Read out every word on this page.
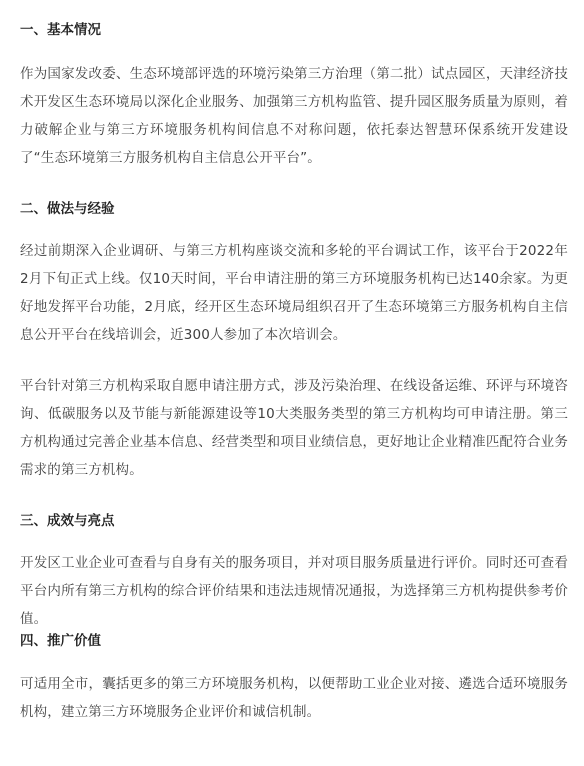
一、基本情况

作为国家发改委、生态环境部评选的环境污染第三方治理（第二批）试点园区，天津经济技术开发区生态环境局以深化企业服务、加强第三方机构监管、提升园区服务质量为原则，着力破解企业与第三方环境服务机构间信息不对称问题，依托泰达智慧环保系统开发建设了“生态环境第三方服务机构自主信息公开平台”。

二、做法与经验

经过前期深入企业调研、与第三方机构座谈交流和多轮的平台调试工作，该平台于2022年2月下旬正式上线。仅10天时间，平台申请注册的第三方环境服务机构已达140余家。为更好地发挥平台功能，2月底，经开区生态环境局组织召开了生态环境第三方服务机构自主信息公开平台在线培训会，近300人参加了本次培训会。

平台针对第三方机构采取自愿申请注册方式，涉及污染治理、在线设备运维、环评与环境咨询、低碳服务以及节能与新能源建设等10大类服务类型的第三方机构均可申请注册。第三方机构通过完善企业基本信息、经营类型和项目业绩信息，更好地让企业精准匹配符合业务需求的第三方机构。

三、成效与亮点

开发区工业企业可查看与自身有关的服务项目，并对项目服务质量进行评价。同时还可查看平台内所有第三方机构的综合评价结果和违法违规情况通报，为选择第三方机构提供参考价值。

四、推广价值

可适用全市，囊括更多的第三方环境服务机构，以便帮助工业企业对接、遴选合适环境服务机构，建立第三方环境服务企业评价和诚信机制。
